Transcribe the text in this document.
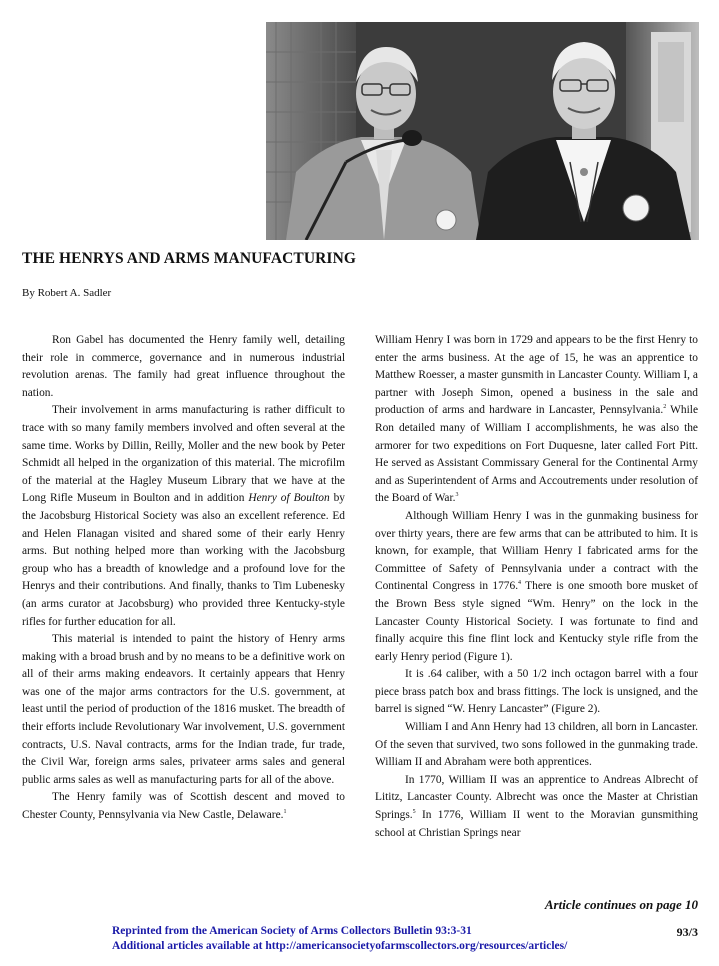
THE HENRYS AND ARMS MANUFACTURING
By Robert A. Sadler

Ron Gabel has documented the Henry family well, detailing their role in commerce, governance and in numerous industrial revolution arenas. The family had great influence throughout the nation.

Their involvement in arms manufacturing is rather difficult to trace with so many family members involved and often several at the same time. Works by Dillin, Reilly, Moller and the new book by Peter Schmidt all helped in the organization of this material. The microfilm of the material at the Hagley Museum Library that we have at the Long Rifle Museum in Boulton and in addition Henry of Boulton by the Jacobsburg Historical Society was also an excellent reference. Ed and Helen Flanagan visited and shared some of their early Henry arms. But nothing helped more than working with the Jacobsburg group who has a breadth of knowledge and a profound love for the Henrys and their contributions. And finally, thanks to Tim Lubenesky (an arms curator at Jacobsburg) who provided three Kentucky-style rifles for further education for all.

This material is intended to paint the history of Henry arms making with a broad brush and by no means to be a definitive work on all of their arms making endeavors. It certainly appears that Henry was one of the major arms contractors for the U.S. government, at least until the period of production of the 1816 musket. The breadth of their efforts include Revolutionary War involvement, U.S. government contracts, U.S. Naval contracts, arms for the Indian trade, fur trade, the Civil War, foreign arms sales, privateer arms sales and general public arms sales as well as manufacturing parts for all of the above.

The Henry family was of Scottish descent and moved to Chester County, Pennsylvania via New Castle, Delaware.$^1$

William Henry I was born in 1729 and appears to be the first Henry to enter the arms business. At the age of 15, he was an apprentice to Matthew Roesser, a master gunsmith in Lancaster County. William I, a partner with Joseph Simon, opened a business in the sale and production of arms and hardware in Lancaster, Pennsylvania.$^2$ While Ron detailed many of William I accomplishments, he was also the armorer for two expeditions on Fort Duquesne, later called Fort Pitt. He served as Assistant Commissary General for the Continental Army and as Superintendent of Arms and Accoutrements under resolution of the Board of War.$^3$

Although William Henry I was in the gunmaking business for over thirty years, there are few arms that can be attributed to him. It is known, for example, that William Henry I fabricated arms for the Committee of Safety of Pennsylvania under a contract with the Continental Congress in 1776.$^4$ There is one smooth bore musket of the Brown Bess style signed “Wm. Henry” on the lock in the Lancaster County Historical Society. I was fortunate to find and finally acquire this fine flint lock and Kentucky style rifle from the early Henry period (Figure 1).

It is .64 caliber, with a 50 1/2 inch octagon barrel with a four piece brass patch box and brass fittings. The lock is unsigned, and the barrel is signed “W. Henry Lancaster” (Figure 2).

William I and Ann Henry had 13 children, all born in Lancaster. Of the seven that survived, two sons followed in the gunmaking trade. William II and Abraham were both apprentices.

In 1770, William II was an apprentice to Andreas Albrecht of Lititz, Lancaster County. Albrecht was once the Master at Christian Springs.$^5$ In 1776, William II went to the Moravian gunsmithing school at Christian Springs near

Article continues on page 10
Reprinted from the American Society of Arms Collectors Bulletin 93:3-31
Additional articles available at http://americansocietyofarmscollectors.org/resources/articles/
93/3
